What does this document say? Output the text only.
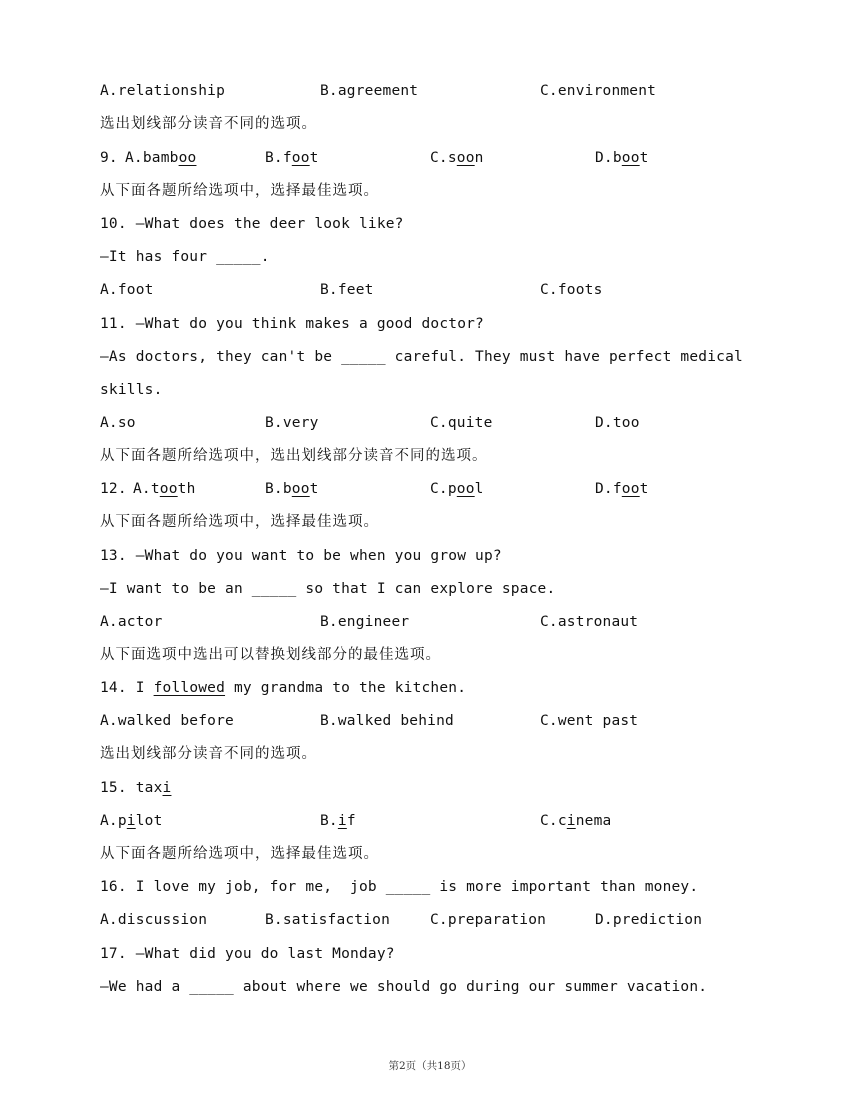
A.relationship	B.agreement	C.environment
选出划线部分读音不同的选项。
9. A.bamboo	B.foot	C.soon	D.boot
从下面各题所给选项中，选择最佳选项。
10. —What does the deer look like?
—It has four _____.
A.foot	B.feet	C.foots
11. —What do you think makes a good doctor?
—As doctors, they can't be _____ careful. They must have perfect medical
skills.
A.so	B.very	C.quite	D.too
从下面各题所给选项中，选出划线部分读音不同的选项。
12. A.tooth	B.boot	C.pool	D.foot
从下面各题所给选项中，选择最佳选项。
13. —What do you want to be when you grow up?
—I want to be an _____ so that I can explore space.
A.actor	B.engineer	C.astronaut
从下面选项中选出可以替换划线部分的最佳选项。
14. I followed my grandma to the kitchen.
A.walked before	B.walked behind	C.went past
选出划线部分读音不同的选项。
15. taxi
A.pilot	B.if	C.cinema
从下面各题所给选项中，选择最佳选项。
16. I love my job, for me,  job _____ is more important than money.
A.discussion	B.satisfaction	C.preparation	D.prediction
17. —What did you do last Monday?
—We had a _____ about where we should go during our summer vacation.
第2页（共18页）
